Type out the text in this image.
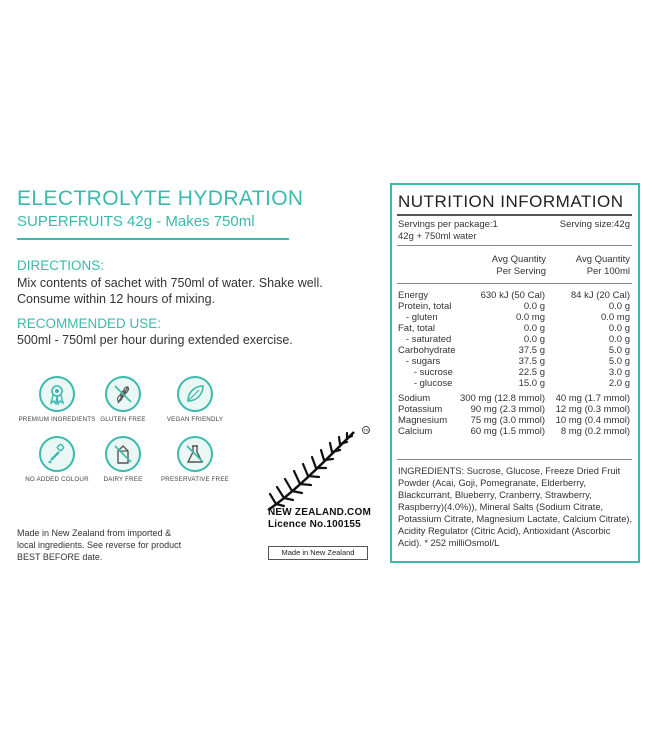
ELECTROLYTE HYDRATION
SUPERFRUITS 42g - Makes 750ml
DIRECTIONS:
Mix contents of sachet with 750ml of water. Shake well.
Consume within 12 hours of mixing.
RECOMMENDED USE:
500ml - 750ml per hour during extended exercise.
PREMIUM INGREDIENTS GLUTEN FREE	VEGAN FRIENDLY
NO ADDED COLOUR	DAIRY FREE	PRESERVATIVE FREE
Made in New Zealand from imported &
local ingredients. See reverse for product
BEST BEFORE date.
TM
NEW ZEALAND.COM
Licence No.100155
Made in New Zealand
NUTRITION INFORMATION
Servings per package:1	Serving size:42g
42g + 750ml water
Avg Quantity
Per Serving
Avg Quantity
Per 100ml
Energy	630 kJ (50 Cal)	84 kJ (20 Cal)
Protein, total	0.0 g	0.0 g
- gluten	0.0 mg	0.0 mg
Fat, total	0.0 g	0.0 g
- saturated	0.0 g	0.0 g
Carbohydrate	37.5 g	5.0 g
- sugars	37.5 g	5.0 g
- sucrose	22.5 g	3.0 g
- glucose	15.0 g	2.0 g
Sodium	300 mg (12.8 mmol) 40 mg (1.7 mmol)
Potassium	90 mg (2.3 mmol) 12 mg (0.3 mmol)
Magnesium 75 mg (3.0 mmol) 10 mg (0.4 mmol)
Calcium	60 mg (1.5 mmol) 8 mg (0.2 mmol)
INGREDIENTS: Sucrose, Glucose, Freeze Dried Fruit Powder (Acai, Goji, Pomegranate, Elderberry, Blackcurrant, Blueberry, Cranberry, Strawberry, Raspberry)(4.0%)), Mineral Salts (Sodium Citrate, Potassium Citrate, Magnesium Lactate, Calcium Citrate), Acidity Regulator (Citric Acid), Antioxidant (Ascorbic Acid). * 252 milliOsmol/L
